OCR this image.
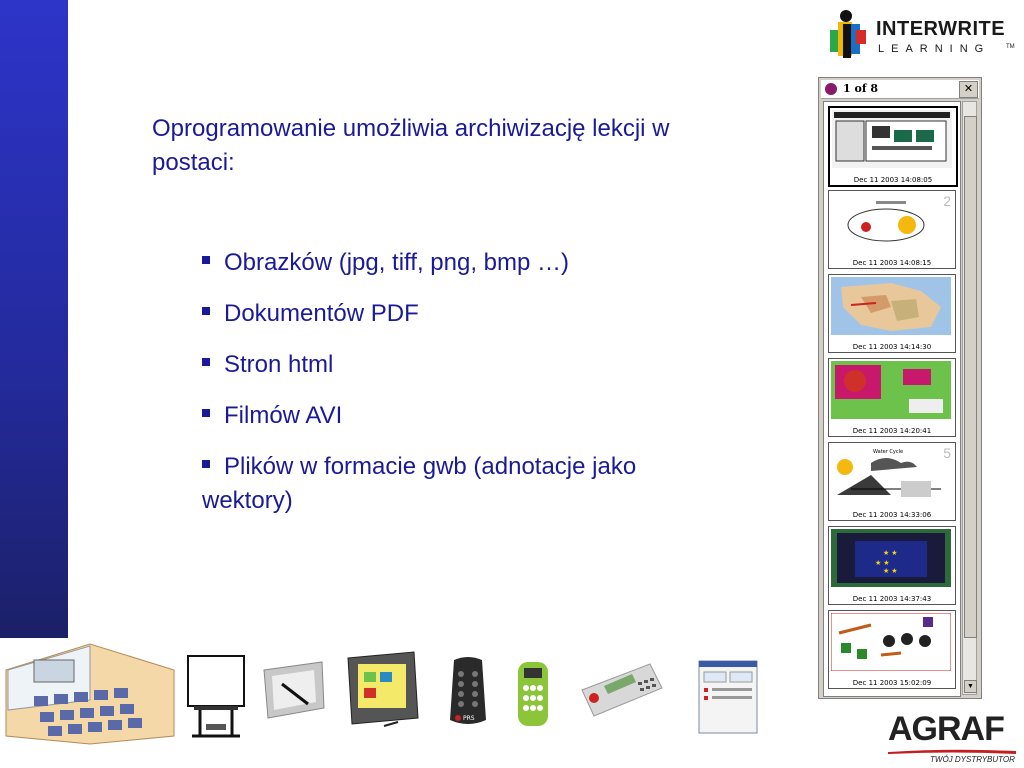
INTERWRITE
LEARNING	TM
Oprogramowanie umożliwia archiwizację lekcji w postaci:
Obrazków (jpg, tiff, png, bmp …)
Dokumentów PDF
Stron html
Filmów AVI
Plików w formacie gwb (adnotacje jako wektory)
1 of 8	✕
Dec 11 2003 14:08:05
2
Dec 11 2003 14:08:15
Dec 11 2003 14:14:30
Dec 11 2003 14:20:41
5
Water Cycle
Dec 11 2003 14:33:06
★ ★
★ ★
★ ★
Dec 11 2003 14:37:43
Dec 11 2003 15:02:09	▼
PRS	AGRAF
TWÓJ DYSTRYBUTOR
